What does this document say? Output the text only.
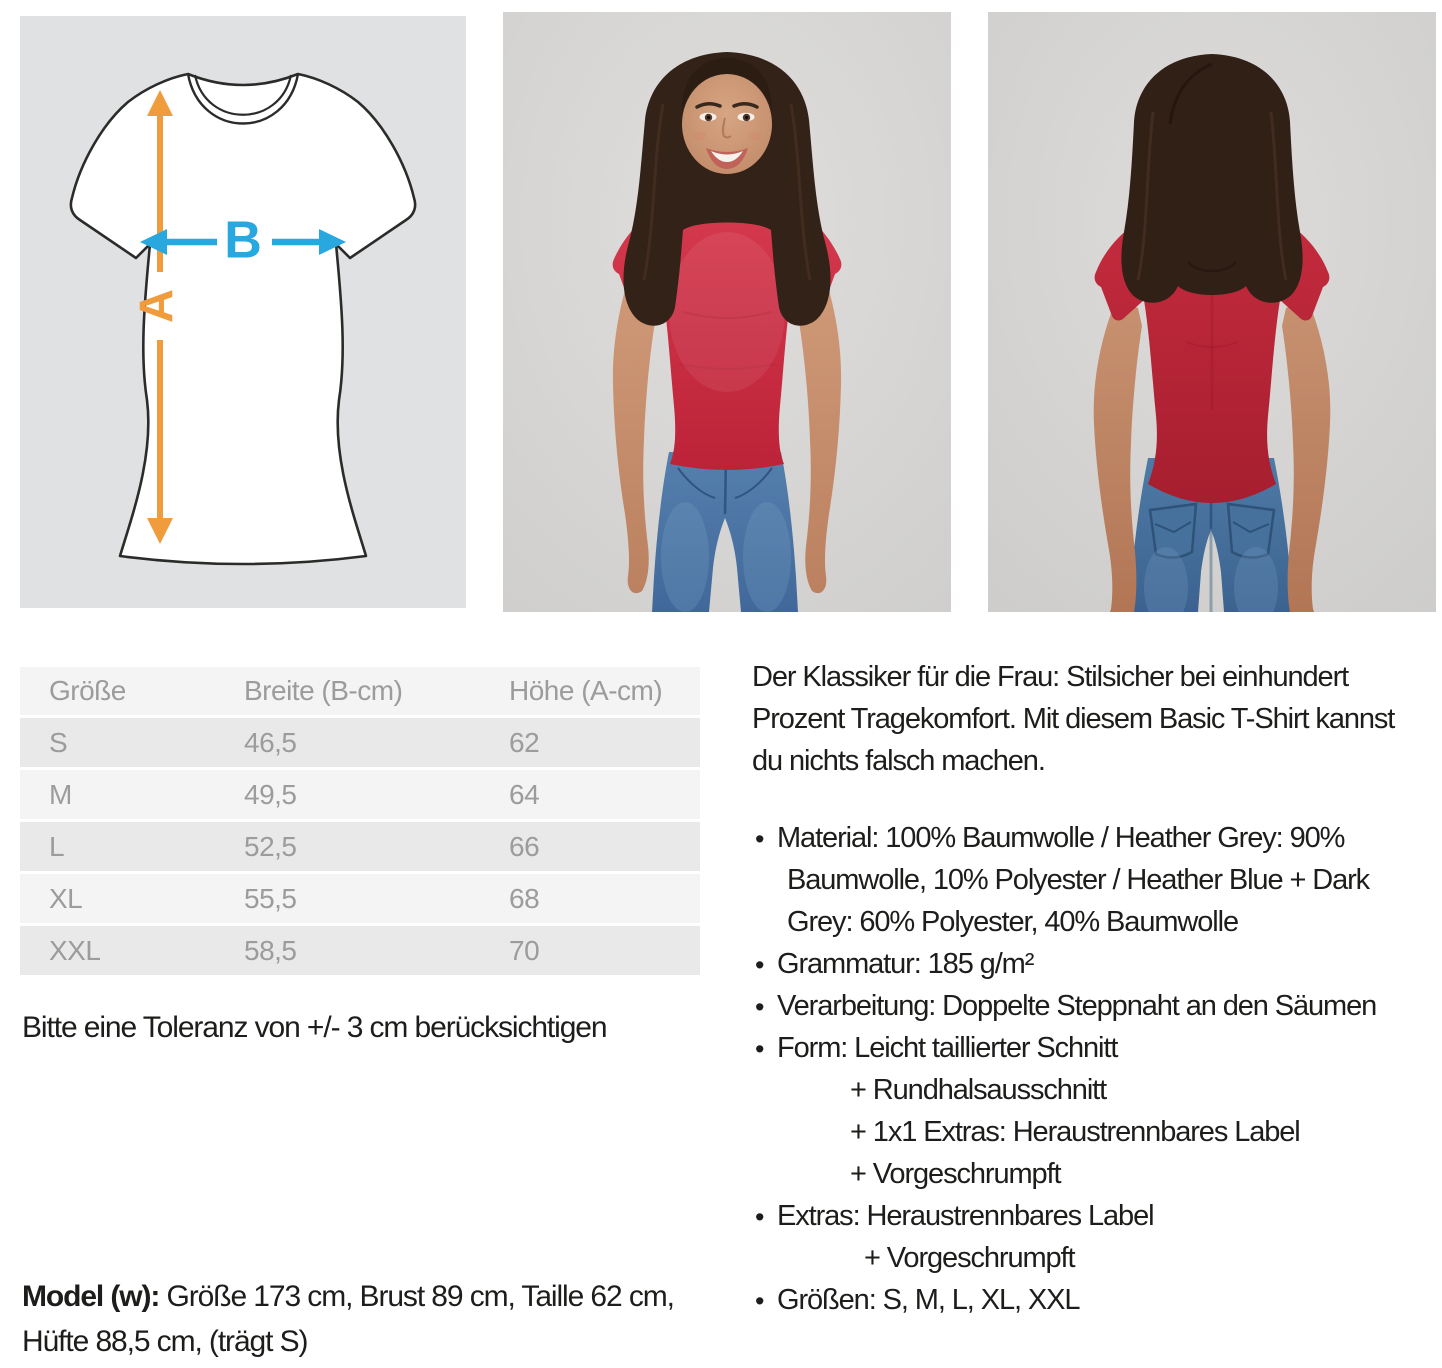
A
B
Größe	Breite (B-cm)	Höhe (A-cm)
S	46,5	62
M	49,5	64
L	52,5	66
XL	55,5	68
XXL	58,5	70
Bitte eine Toleranz von +/- 3 cm berücksichtigen
Model (w): Größe 173 cm, Brust 89 cm, Taille 62 cm,
Hüfte 88,5 cm, (trägt S)
Der Klassiker für die Frau: Stilsicher bei einhundert
Prozent Tragekomfort. Mit diesem Basic T-Shirt kannst
du nichts falsch machen.
• Material: 100% Baumwolle / Heather Grey: 90%
Baumwolle, 10% Polyester / Heather Blue + Dark
Grey: 60% Polyester, 40% Baumwolle
• Grammatur: 185 g/m²
• Verarbeitung: Doppelte Steppnaht an den Säumen
• Form: Leicht taillierter Schnitt
+ Rundhalsausschnitt
+ 1x1 Extras: Heraustrennbares Label
+ Vorgeschrumpft
• Extras: Heraustrennbares Label
+ Vorgeschrumpft
• Größen: S, M, L, XL, XXL
